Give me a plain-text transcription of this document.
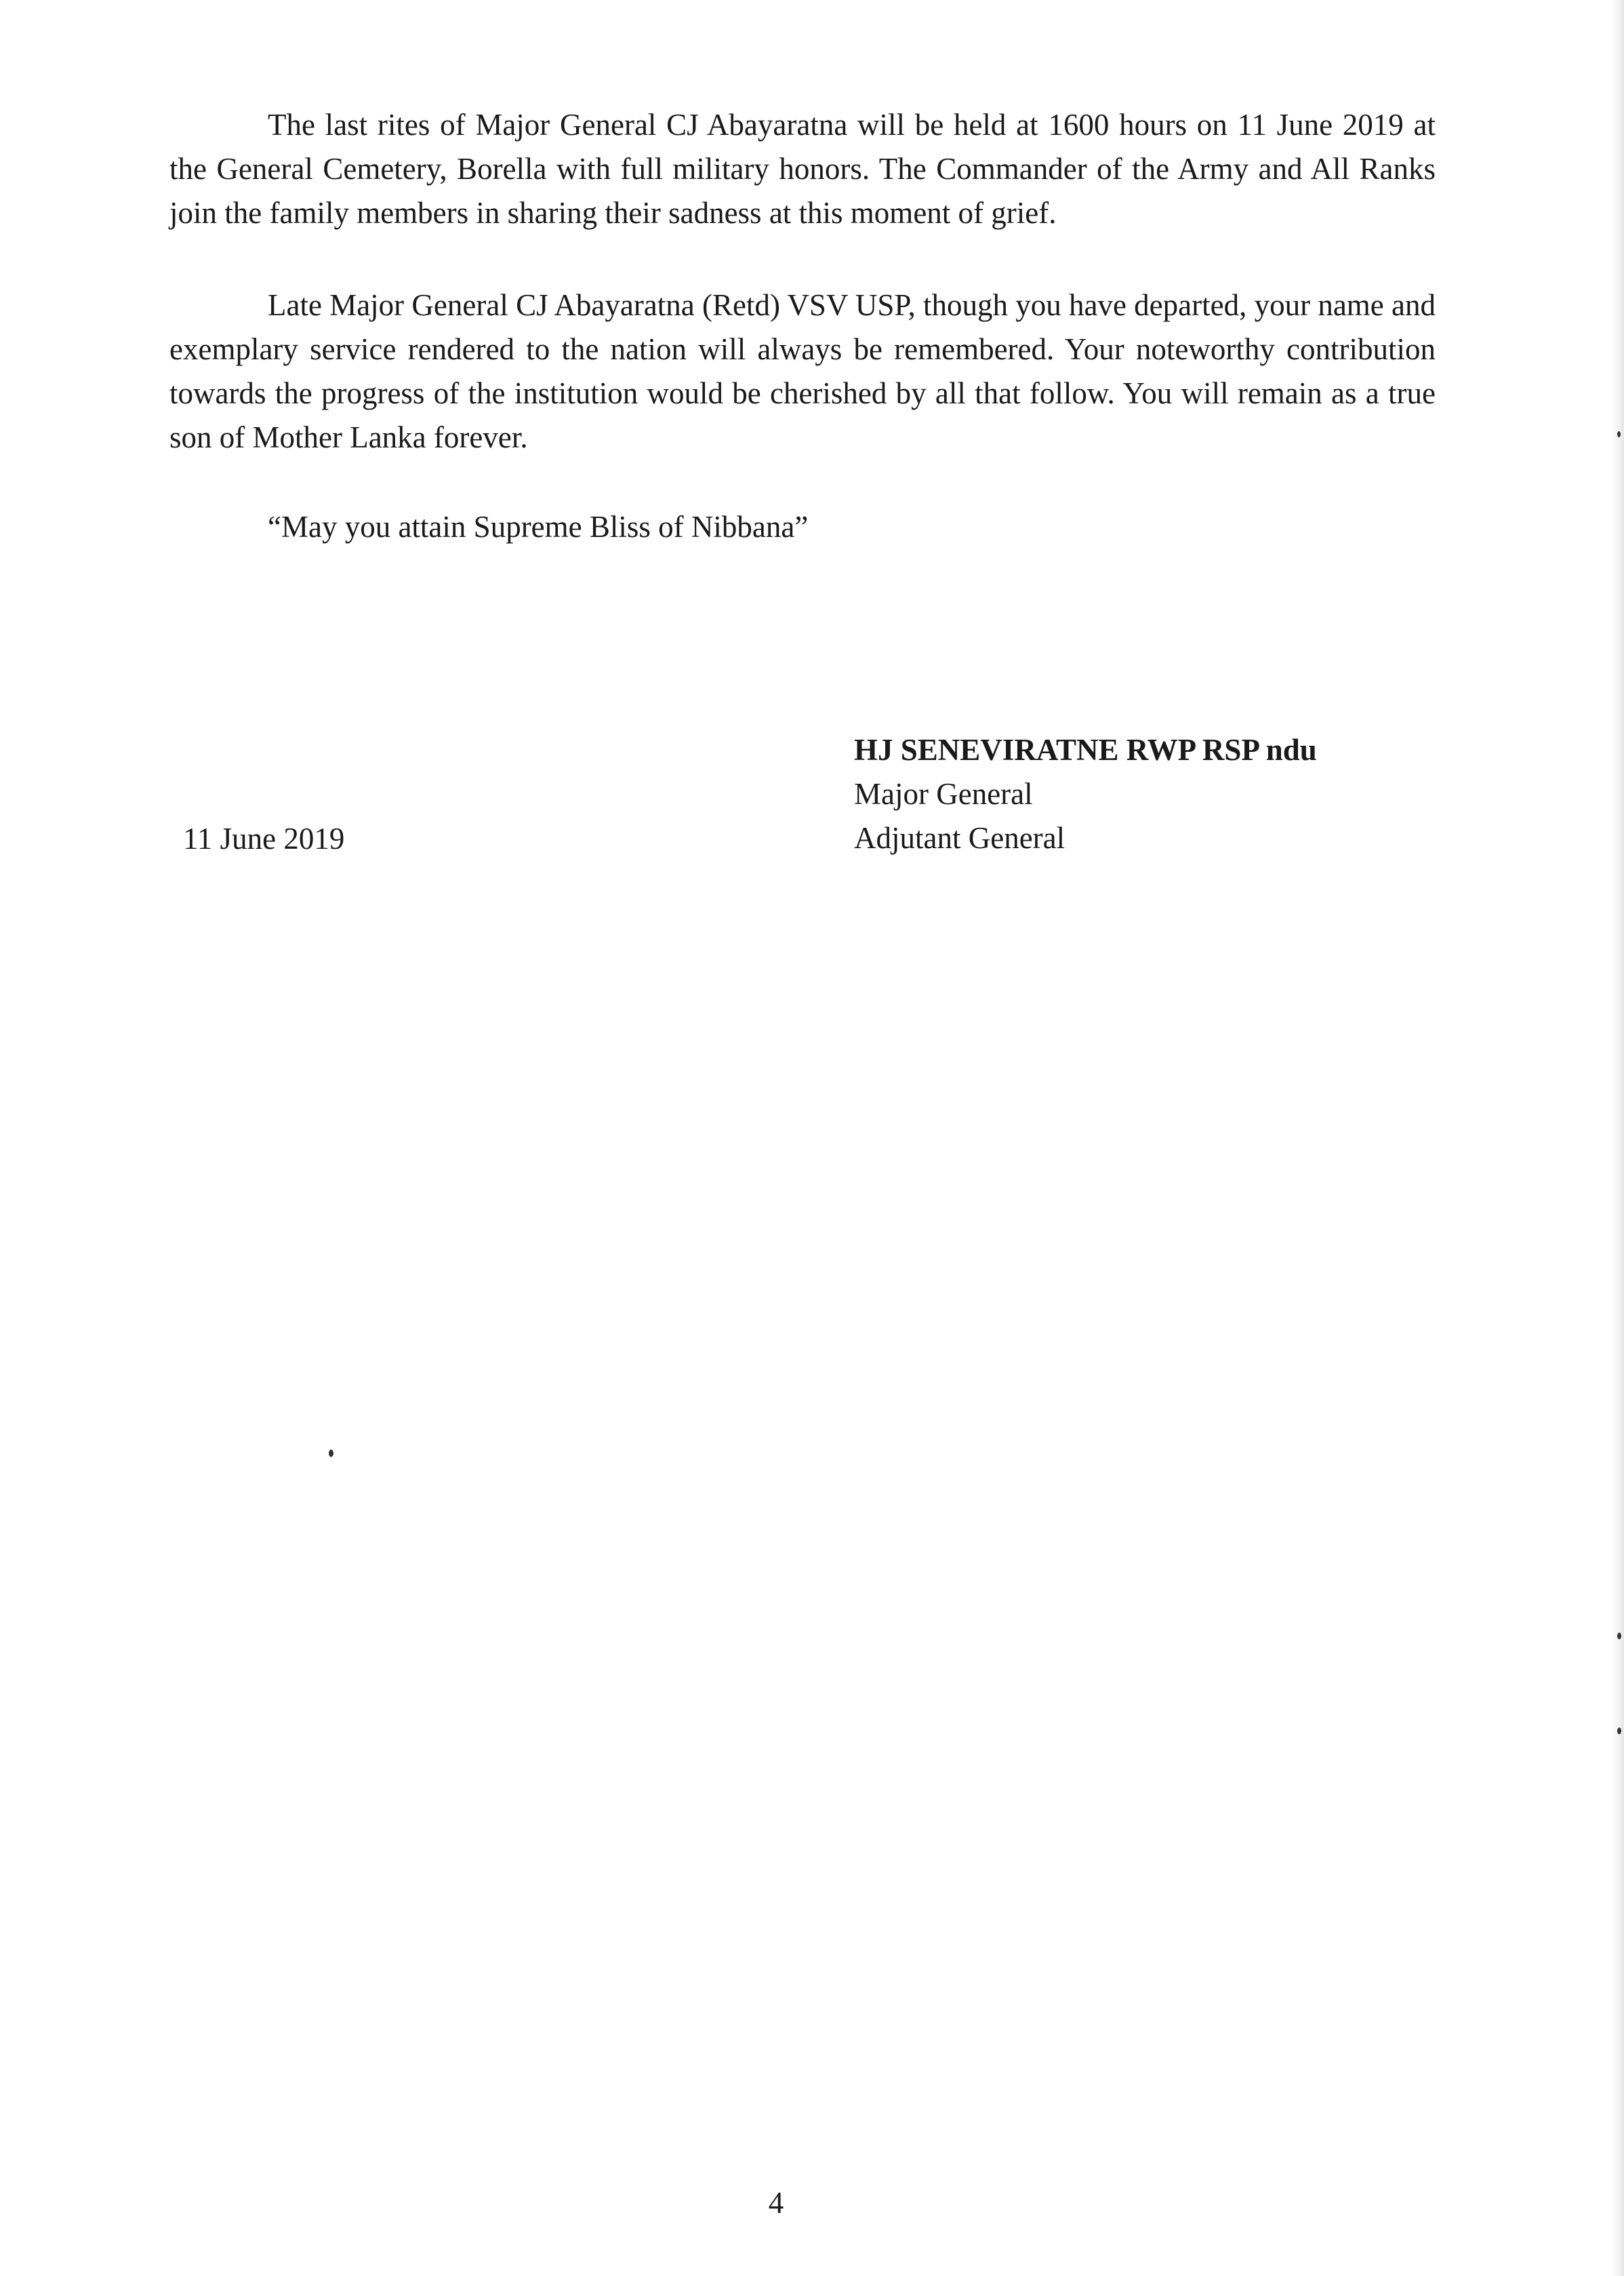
The last rites of Major General CJ Abayaratna will be held at 1600 hours on 11 June 2019 at the General Cemetery, Borella with full military honors. The Commander of the Army and All Ranks join the family members in sharing their sadness at this moment of grief.

Late Major General CJ Abayaratna (Retd) VSV USP, though you have departed, your name and exemplary service rendered to the nation will always be remembered. Your noteworthy contribution towards the progress of the institution would be cherished by all that follow. You will remain as a true son of Mother Lanka forever.

“May you attain Supreme Bliss of Nibbana”

HJ SENEVIRATNE RWP RSP ndu
Major General
Adjutant General
11 June 2019
4
